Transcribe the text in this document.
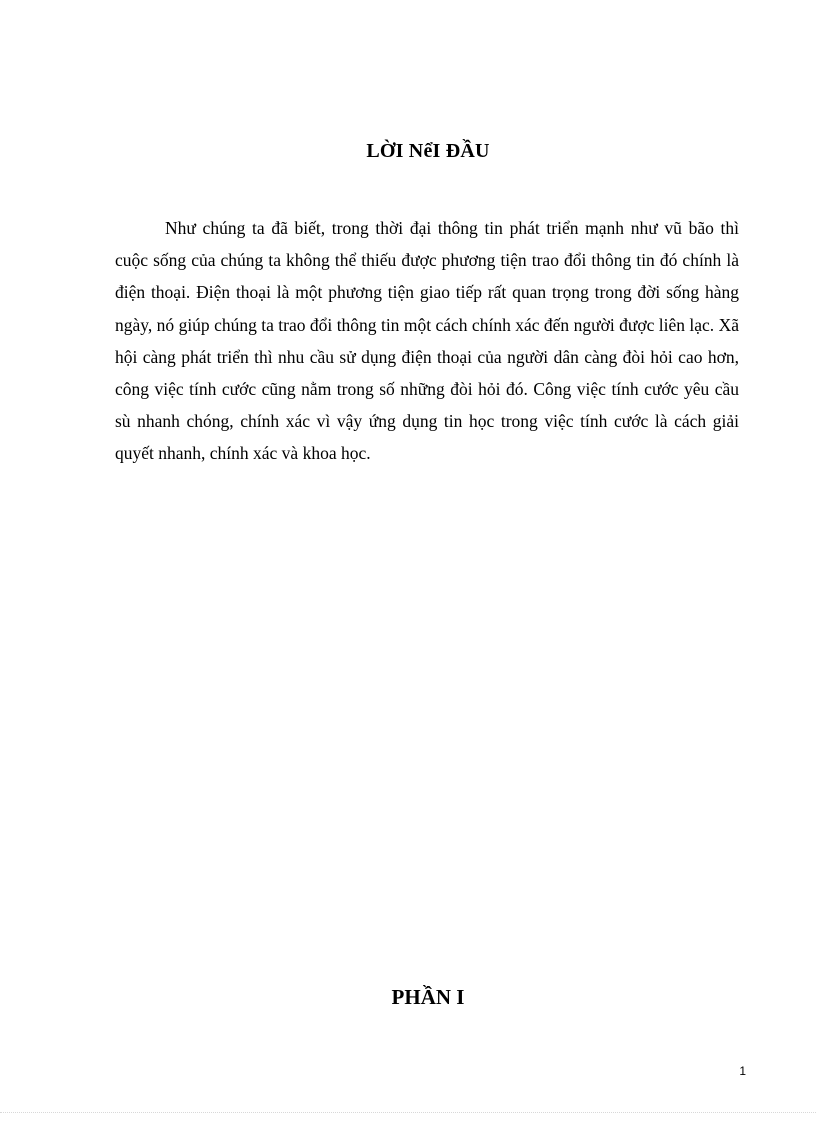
LỜI NểI ĐẦU

Như chúng ta đã biết, trong thời đại thông tin phát triển mạnh như vũ bão thì cuộc sống của chúng ta không thể thiếu được phương tiện trao đổi thông tin đó chính là điện thoại. Điện thoại là một phương tiện giao tiếp rất quan trọng trong đời sống hàng ngày, nó giúp chúng ta trao đổi thông tin một cách chính xác đến người được liên lạc. Xã hội càng phát triển thì nhu cầu sử dụng điện thoại của người dân càng đòi hỏi cao hơn, công việc tính cước cũng nằm trong số những đòi hỏi đó. Công việc tính cước yêu cầu sù nhanh chóng, chính xác vì vậy ứng dụng tin học trong việc tính cước là cách giải quyết nhanh, chính xác và khoa học.

PHẦN I
1
